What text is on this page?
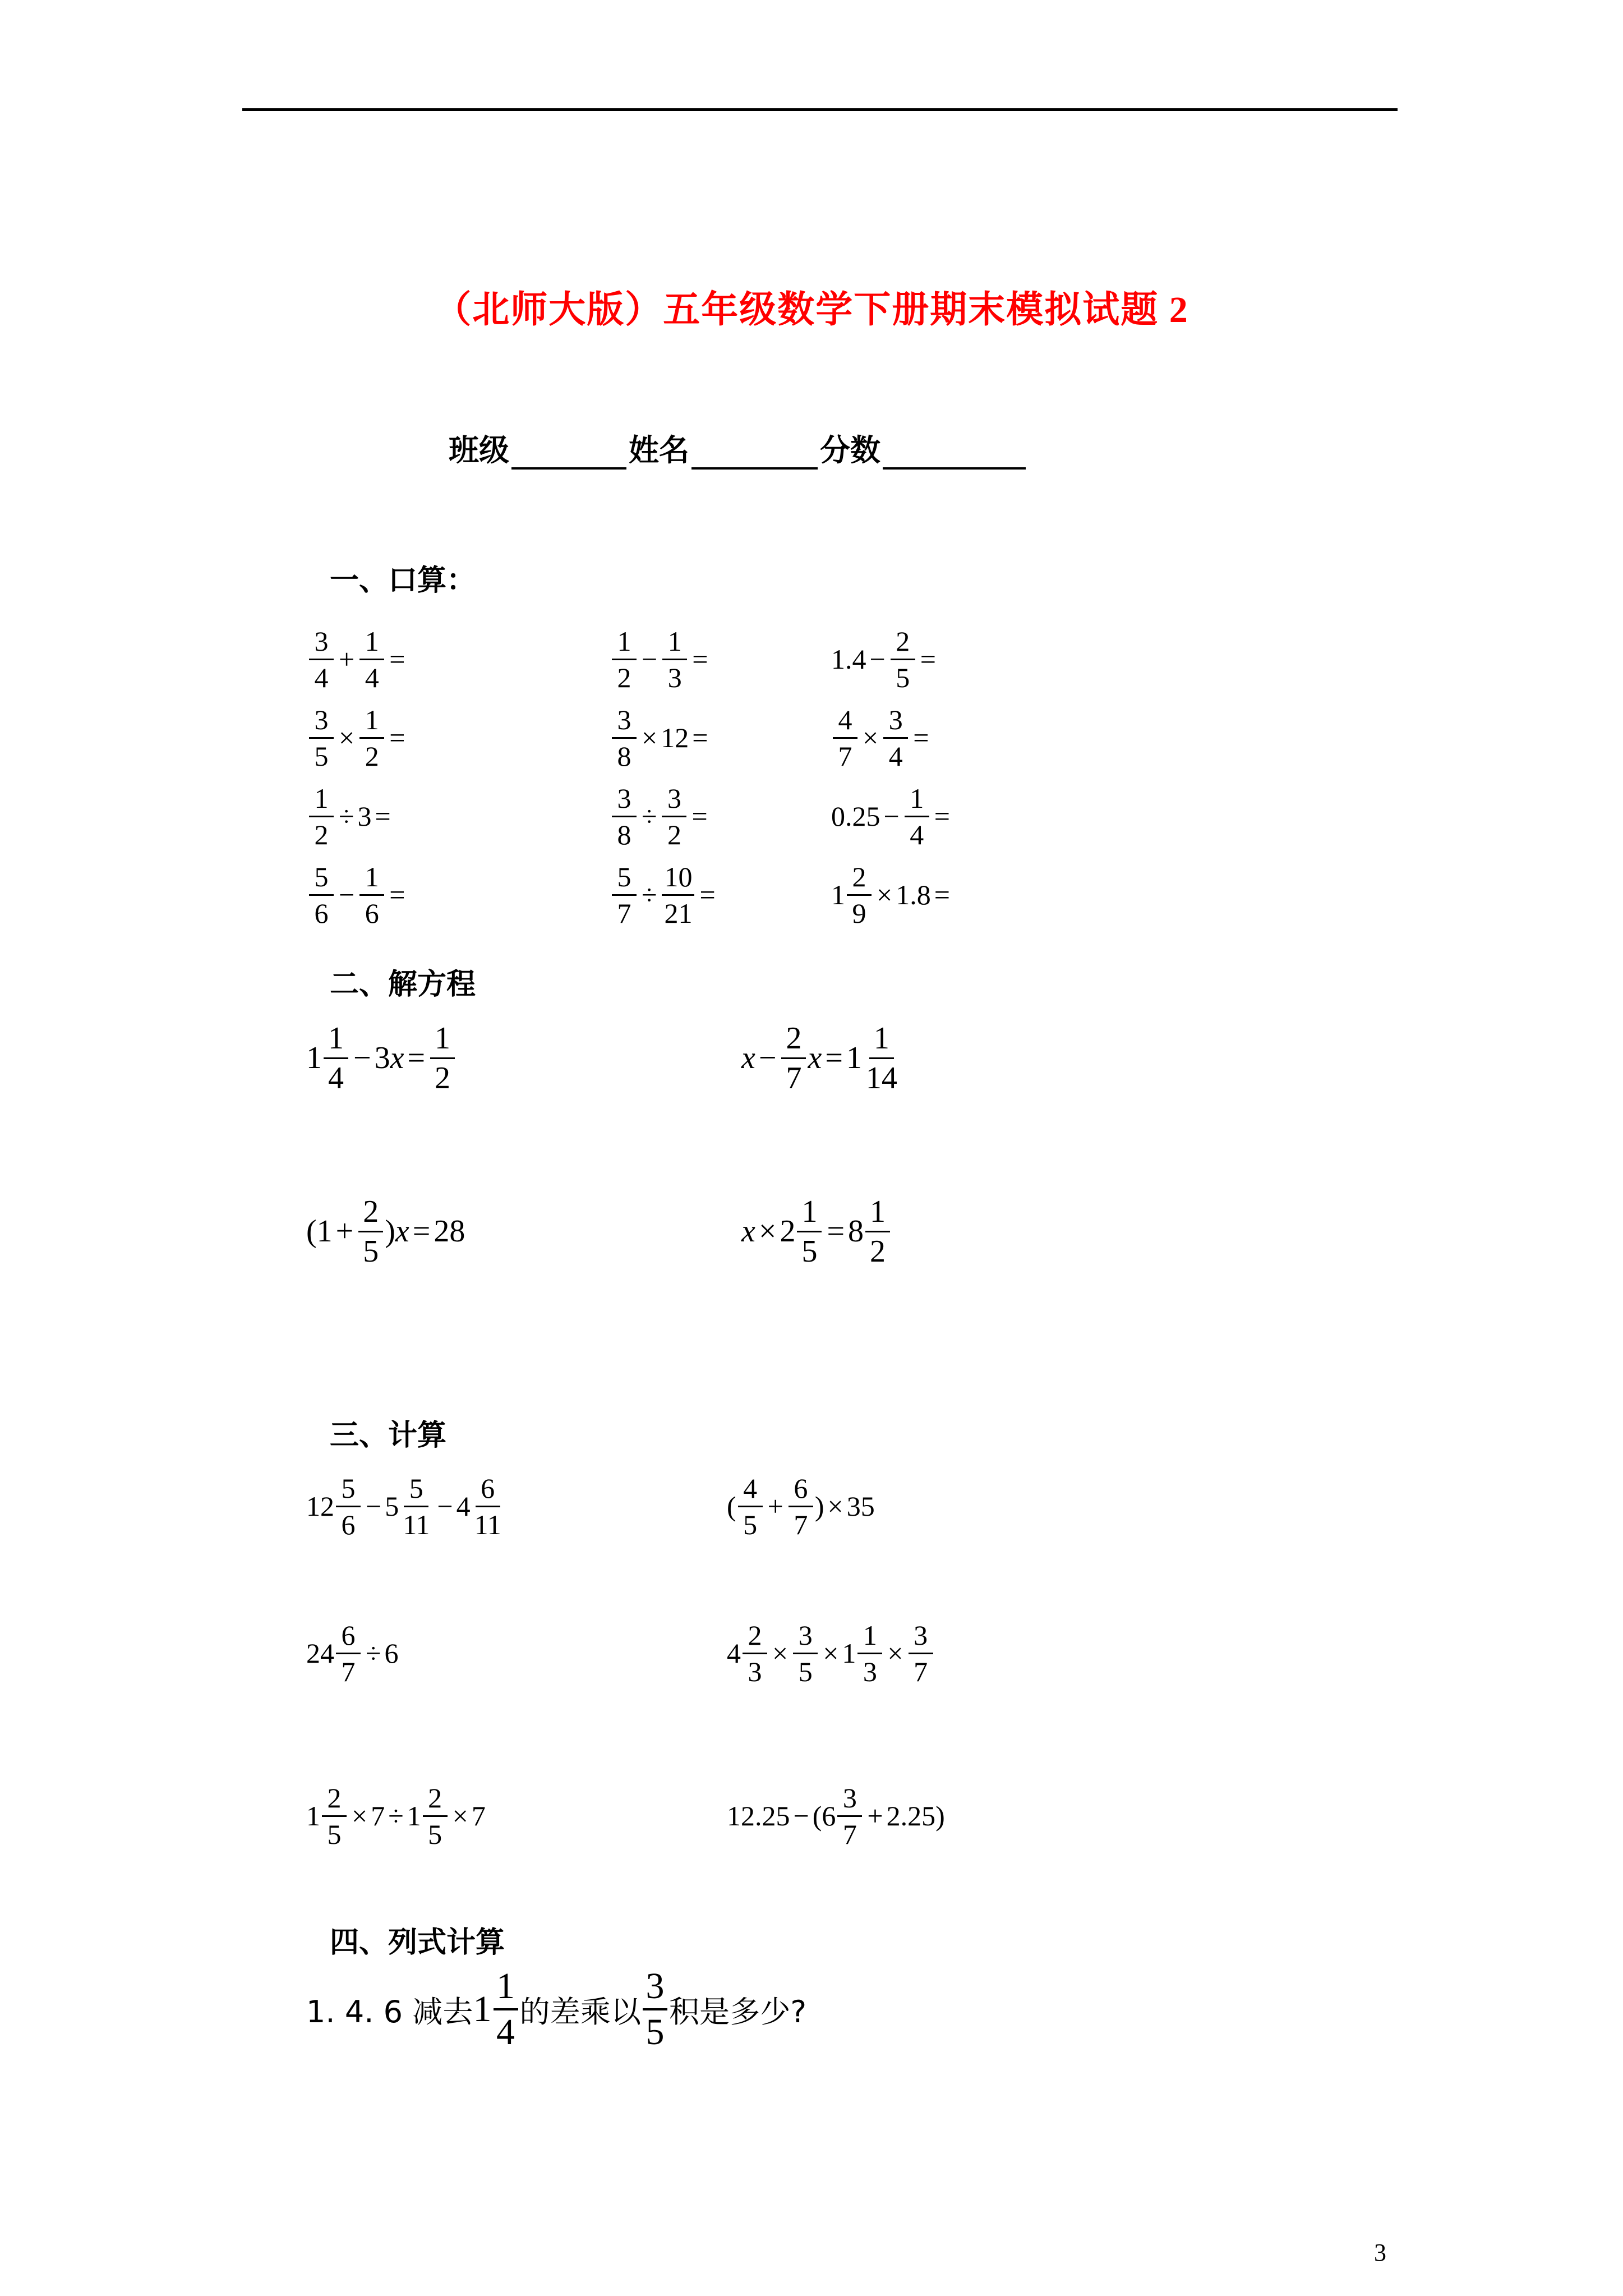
（北师大版）五年级数学下册期末模拟试题 2
班级	姓名	分数
一、口算：
$\frac{3}{4} + \frac{1}{4}$ =	$\frac{1}{2} - \frac{1}{3}$ =	$1.4 - \frac{2}{5}$ =
$\frac{3}{5} \times \frac{1}{2}$ =	$\frac{3}{8} \times 12$ =	$\frac{4}{7} \times \frac{3}{4}$ =
$\frac{1}{2} \div 3$ =	$\frac{3}{8} \div \frac{3}{2}$ =	$0.25 - \frac{1}{4}$ =
$\frac{5}{6} - \frac{1}{6}$ =	$\frac{5}{7} \div \frac{10}{21}$ =	$1 \frac{2}{9} \times 1.8$ =
二、解方程
$1 \frac{1}{4} - 3$ $x = \frac{1}{2}$	$x - \frac{2}{7}$ $x = 1 \frac{1}{14}$
($1 + \frac{2}{5}$ ) x = 28	$x \times 2 \frac{1}{5} = 8 \frac{1}{2}$
三、计算
$12 \frac{5}{6} - 5 \frac{5}{11} - 4 \frac{6}{11}$	( $\frac{4}{5} + \frac{6}{7}$ ) × 35
$24 \frac{6}{7} \div 6$	$4 \frac{2}{3} \times \frac{3}{5} \times 1 \frac{1}{3} \times \frac{3}{7}$
$1 \frac{2}{5} \times 7 \div 1 \frac{2}{5} \times 7$	$12.25 - (6 \frac{3}{7} + 2.25$ )
四、列式计算
1. 4. 6 减去 $1 \frac{1}{4}$ 的差乘以 $\frac{3}{5}$ 积是多少?
3
